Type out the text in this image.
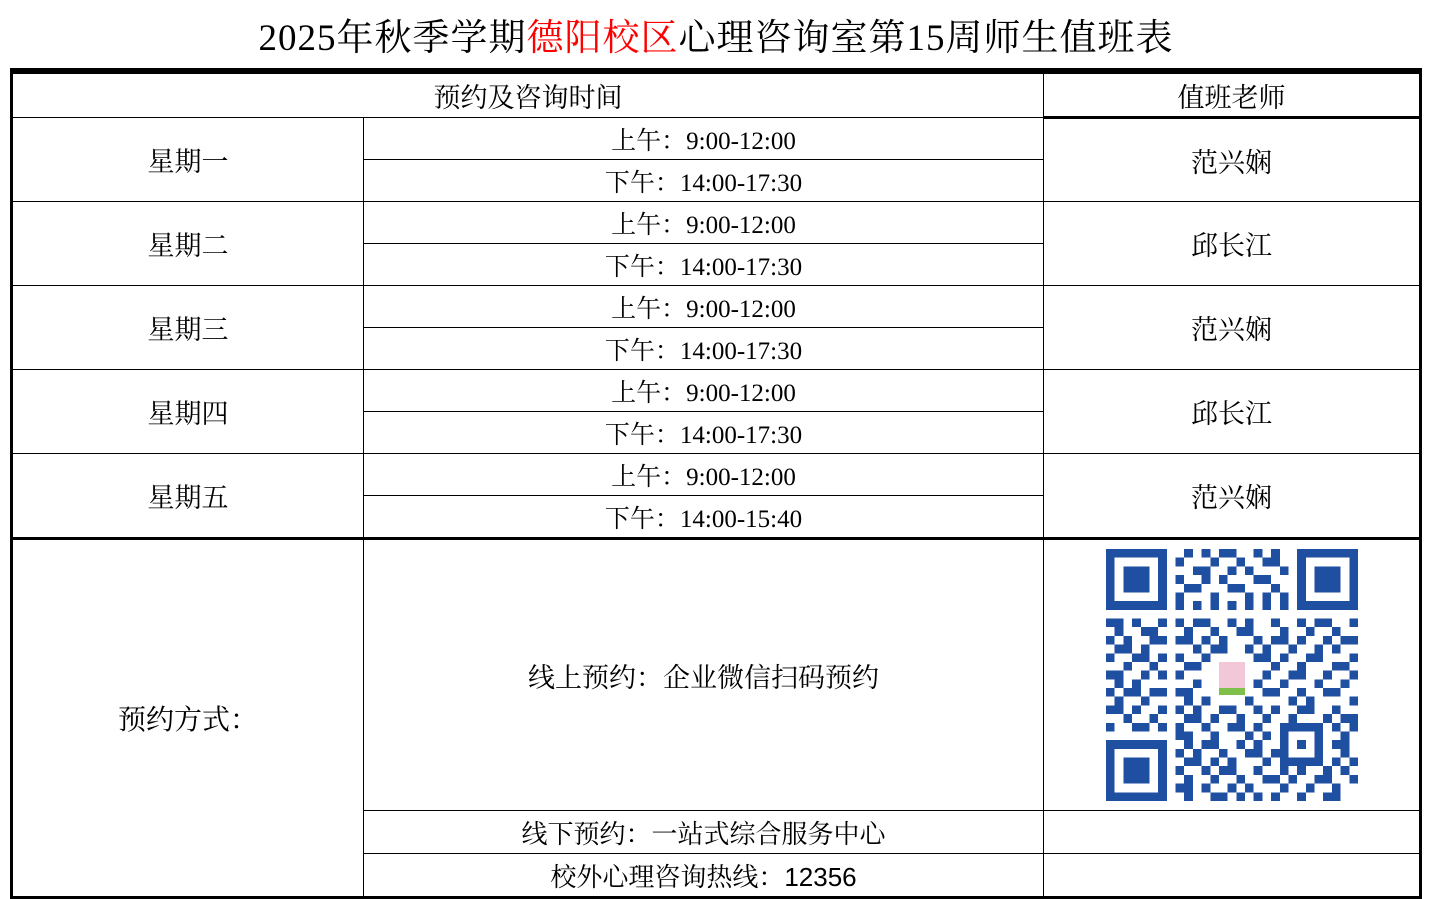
2025年秋季学期德阳校区心理咨询室第15周师生值班表
预约及咨询时间		值班老师
星期一	上午：9:00-12:00	范兴娴
	下午：14:00-17:30	
星期二	上午：9:00-12:00	邱长江
	下午：14:00-17:30	
星期三	上午：9:00-12:00	范兴娴
	下午：14:00-17:30	
星期四	上午：9:00-12:00	邱长江
	下午：14:00-17:30	
星期五	上午：9:00-12:00	范兴娴
	下午：14:00-15:40	
预约方式：	线上预约：企业微信扫码预约	

	线下预约：一站式综合服务中心	
	校外心理咨询热线：12356	
